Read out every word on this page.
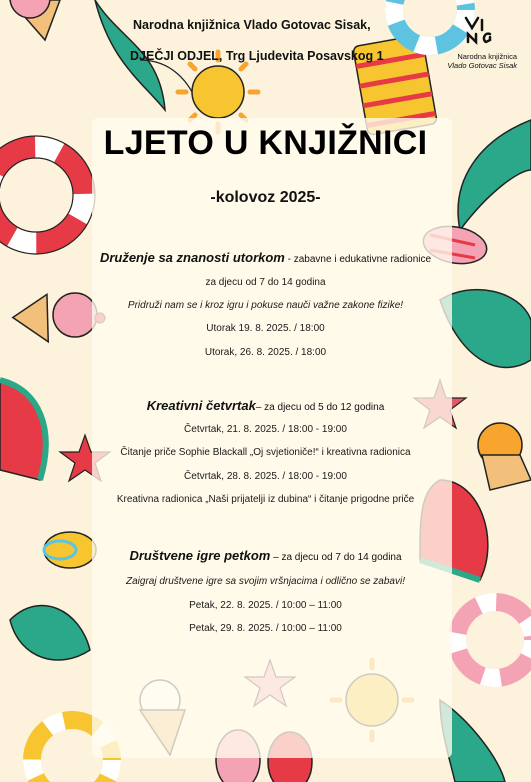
Narodna knjižnica Vlado Gotovac Sisak,
DJEČJI ODJEL, Trg Ljudevita Posavskog 1	Narodna knjižnica
Vlado Gotovac Sisak
LJETO U KNJIŽNICI
-kolovoz 2025-
Druženje sa znanosti utorkom - zabavne i edukativne radionice
za djecu od 7 do 14 godina
Pridruži nam se i kroz igru i pokuse nauči važne zakone fizike!
Utorak 19. 8. 2025. / 18:00
Utorak, 26. 8. 2025. / 18:00
Kreativni četvrtak– za djecu od 5 do 12 godina
Četvrtak, 21. 8. 2025. / 18:00 - 19:00
Čitanje priče Sophie Blackall „Oj svjetioniče!“ i kreativna radionica
Četvrtak, 28. 8. 2025. / 18:00 - 19:00
Kreativna radionica „Naši prijatelji iz dubina“ i čitanje prigodne priče
Društvene igre petkom – za djecu od 7 do 14 godina
Zaigraj društvene igre sa svojim vršnjacima i odlično se zabavi!
Petak, 22. 8. 2025. / 10:00 – 11:00
Petak, 29. 8. 2025. / 10:00 – 11:00
